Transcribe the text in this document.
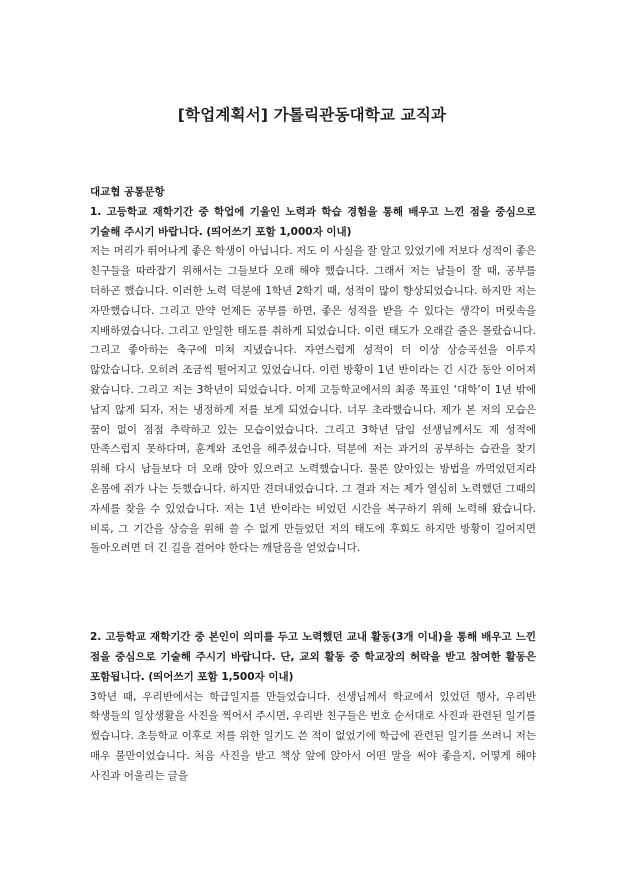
[학업계획서] 가톨릭관동대학교 교직과

대교협 공통문항

1. 고등학교 재학기간 중 학업에 기울인 노력과 학습 경험을 통해 배우고 느낀 점을 중심으로 기술해 주시기 바랍니다. (띄어쓰기 포함 1,000자 이내)

저는 머리가 뛰어나게 좋은 학생이 아닙니다. 저도 이 사실을 잘 알고 있었기에 저보다 성적이 좋은 친구들을 따라잡기 위해서는 그들보다 오래 해야 했습니다. 그래서 저는 남들이 잘 때, 공부를 더하곤 했습니다. 이러한 노력 덕분에 1학년 2학기 때, 성적이 많이 향상되었습니다. 하지만 저는 자만했습니다. 그리고 만약 언제든 공부를 하면, 좋은 성적을 받을 수 있다는 생각이 머릿속을 지배하였습니다. 그리고 안일한 태도를 취하게 되었습니다. 이런 태도가 오래갈 줄은 몰랐습니다. 그리고 좋아하는 축구에 미쳐 지냈습니다. 자연스럽게 성적이 더 이상 상승곡선을 이루지 않았습니다. 오히려 조금씩 떨어지고 있었습니다. 이런 방황이 1년 반이라는 긴 시간 동안 이어져 왔습니다. 그리고 저는 3학년이 되었습니다. 이제 고등학교에서의 최종 목표인 ‘대학’이 1년 밖에 남지 않게 되자, 저는 냉정하게 저를 보게 되었습니다. 너무 초라했습니다. 제가 본 저의 모습은 꿈이 없이 점점 추락하고 있는 모습이었습니다. 그리고 3학년 담임 선생님께서도 제 성적에 만족스럽지 못하다며, 훈계와 조언을 해주셨습니다. 덕분에 저는 과거의 공부하는 습관을 찾기 위해 다시 남들보다 더 오래 앉아 있으려고 노력했습니다. 물론 앉아있는 방법을 까먹었던지라 온몸에 쥐가 나는 듯했습니다. 하지만 견뎌내었습니다. 그 결과 저는 제가 열심히 노력했던 그때의 자세를 찾을 수 있었습니다. 저는 1년 반이라는 비었던 시간을 복구하기 위해 노력해 왔습니다. 비록, 그 기간을 상승을 위해 쓸 수 없게 만들었던 저의 태도에 후회도 하지만 방황이 길어지면 돌아오려면 더 긴 길을 걸어야 한다는 깨달음을 얻었습니다.

2. 고등학교 재학기간 중 본인이 의미를 두고 노력했던 교내 활동(3개 이내)을 통해 배우고 느낀 점을 중심으로 기술해 주시기 바랍니다. 단, 교외 활동 중 학교장의 허락을 받고 참여한 활동은 포함됩니다. (띄어쓰기 포함 1,500자 이내)

3학년 때, 우리반에서는 학급일지를 만들었습니다. 선생님께서 학교에서 있었던 행사, 우리반 학생들의 일상생활을 사진을 찍어서 주시면, 우리반 친구들은 번호 순서대로 사진과 관련된 일기를 썼습니다. 초등학교 이후로 저를 위한 일기도 쓴 적이 없었기에 학급에 관련된 일기를 쓰려니 저는 매우 불만이었습니다. 처음 사진을 받고 책상 앞에 앉아서 어떤 말을 써야 좋을지, 어떻게 해야 사진과 어울리는 글을
